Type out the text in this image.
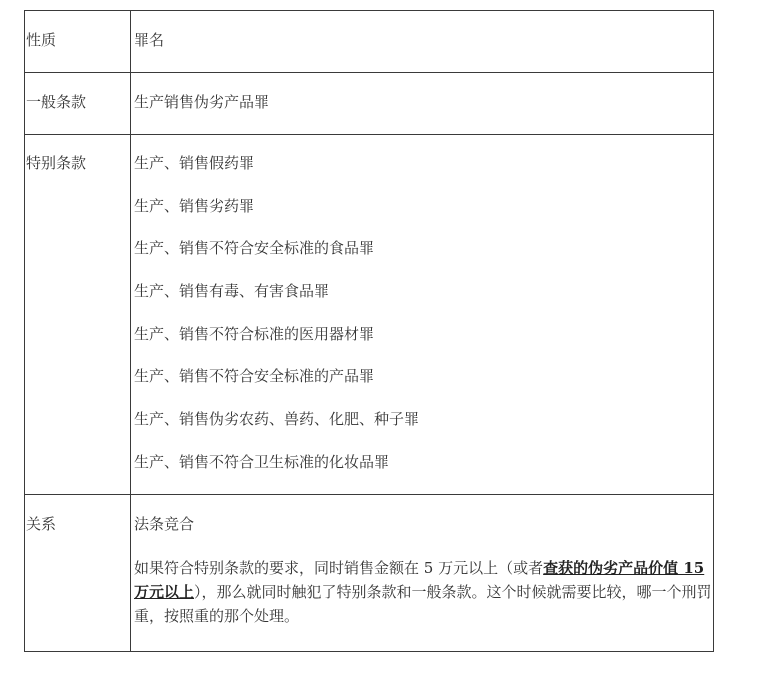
性质	罪名
一般条款	生产销售伪劣产品罪
特别条款	生产、销售假药罪
生产、销售劣药罪
生产、销售不符合安全标准的食品罪
生产、销售有毒、有害食品罪
生产、销售不符合标准的医用器材罪
生产、销售不符合安全标准的产品罪
生产、销售伪劣农药、兽药、化肥、种子罪
生产、销售不符合卫生标准的化妆品罪
关系	法条竞合
如果符合特别条款的要求，同时销售金额在 5 万元以上（或者查获的伪劣产品价值 15 万元以上），那么就同时触犯了特别条款和一般条款。这个时候就需要比较，哪一个刑罚重，按照重的那个处理。
